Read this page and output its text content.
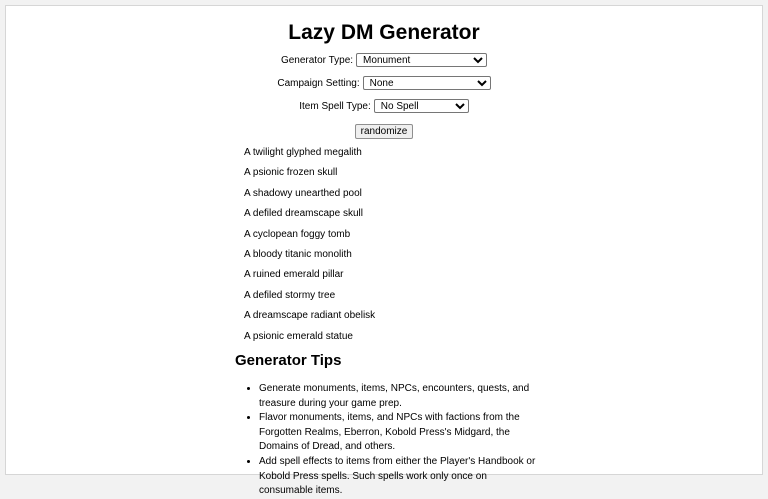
Lazy DM Generator
Generator Type:
Monument
Campaign Setting:
None
Item Spell Type:
No Spell
randomize
A twilight glyphed megalith
A psionic frozen skull
A shadowy unearthed pool
A defiled dreamscape skull
A cyclopean foggy tomb
A bloody titanic monolith
A ruined emerald pillar
A defiled stormy tree
A dreamscape radiant obelisk
A psionic emerald statue
Generator Tips
• Generate monuments, items, NPCs, encounters, quests, and treasure during your game prep.
• Flavor monuments, items, and NPCs with factions from the Forgotten Realms, Eberron, Kobold Press's Midgard, the Domains of Dread, and others.
• Add spell effects to items from either the Player's Handbook or Kobold Press spells. Such spells work only once on consumable items.
